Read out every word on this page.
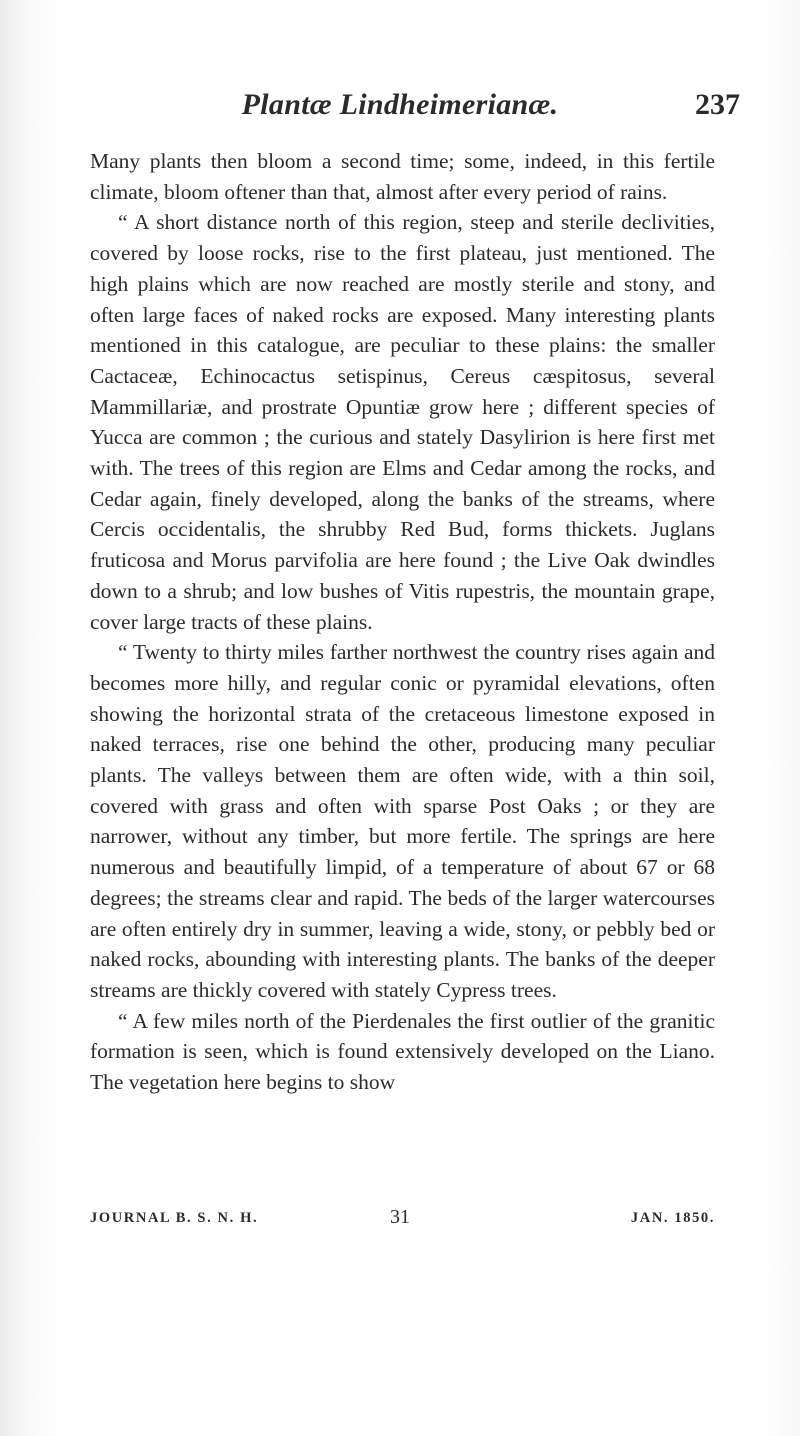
Plantæ Lindheimerianæ.	237

Many plants then bloom a second time; some, indeed, in this fertile climate, bloom oftener than that, almost after every period of rains.

“ A short distance north of this region, steep and sterile declivities, covered by loose rocks, rise to the first plateau, just mentioned. The high plains which are now reached are mostly sterile and stony, and often large faces of naked rocks are exposed. Many interesting plants mentioned in this catalogue, are peculiar to these plains: the smaller Cactaceæ, Echinocactus setispinus, Cereus cæspitosus, several Mammillariæ, and prostrate Opuntiæ grow here ; different species of Yucca are common ; the curious and stately Dasylirion is here first met with. The trees of this region are Elms and Cedar among the rocks, and Cedar again, finely developed, along the banks of the streams, where Cercis occidentalis, the shrubby Red Bud, forms thickets. Juglans fruticosa and Morus parvifolia are here found ; the Live Oak dwindles down to a shrub; and low bushes of Vitis rupestris, the mountain grape, cover large tracts of these plains.

“ Twenty to thirty miles farther northwest the country rises again and becomes more hilly, and regular conic or pyramidal elevations, often showing the horizontal strata of the cretaceous limestone exposed in naked terraces, rise one behind the other, producing many peculiar plants. The valleys between them are often wide, with a thin soil, covered with grass and often with sparse Post Oaks ; or they are narrower, without any timber, but more fertile. The springs are here numerous and beautifully limpid, of a temperature of about 67 or 68 degrees; the streams clear and rapid. The beds of the larger watercourses are often entirely dry in summer, leaving a wide, stony, or pebbly bed or naked rocks, abounding with interesting plants. The banks of the deeper streams are thickly covered with stately Cypress trees.

“ A few miles north of the Pierdenales the first outlier of the granitic formation is seen, which is found extensively developed on the Liano. The vegetation here begins to show

JOURNAL B. S. N. H.	31	JAN. 1850.
